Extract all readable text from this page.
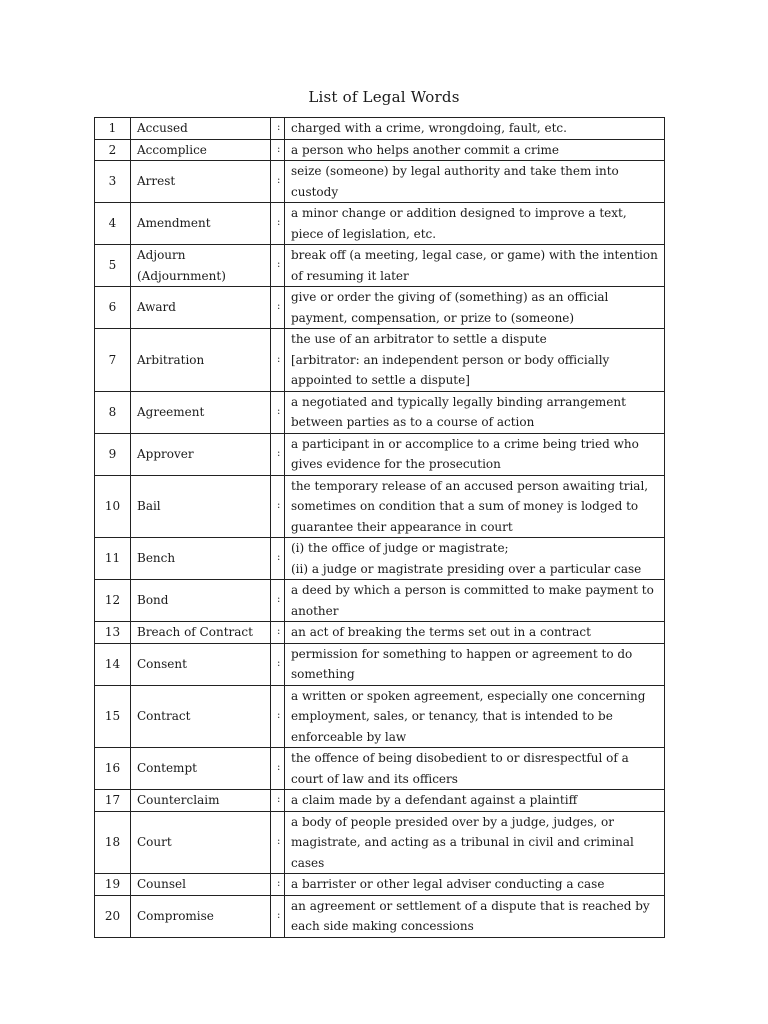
List of Legal Words
1	Accused	:	charged with a crime, wrongdoing, fault, etc.

2	Accomplice	:	a person who helps another commit a crime

3	Arrest	:	seize (someone) by legal authority and take them into
custody

4	Amendment	:	a minor change or addition designed to improve a text,
piece of legislation, etc.

5	Adjourn
(Adjournment)	:	break off (a meeting, legal case, or game) with the intention
of resuming it later

6	Award	:	give or order the giving of (something) as an official
payment, compensation, or prize to (someone)

7	Arbitration	:	the use of an arbitrator to settle a dispute
[arbitrator: an independent person or body officially
appointed to settle a dispute]

8	Agreement	:	a negotiated and typically legally binding arrangement
between parties as to a course of action

9	Approver	:	a participant in or accomplice to a crime being tried who
gives evidence for the prosecution

10	Bail	:	the temporary release of an accused person awaiting trial,
sometimes on condition that a sum of money is lodged to
guarantee their appearance in court

11	Bench	:	(i) the office of judge or magistrate;
(ii) a judge or magistrate presiding over a particular case

12	Bond	:	a deed by which a person is committed to make payment to
another

13	Breach of Contract	:	an act of breaking the terms set out in a contract

14	Consent	:	permission for something to happen or agreement to do
something

15	Contract	:	a written or spoken agreement, especially one concerning
employment, sales, or tenancy, that is intended to be
enforceable by law

16	Contempt	:	the offence of being disobedient to or disrespectful of a
court of law and its officers

17	Counterclaim	:	a claim made by a defendant against a plaintiff

18	Court	:	a body of people presided over by a judge, judges, or
magistrate, and acting as a tribunal in civil and criminal
cases

19	Counsel	:	a barrister or other legal adviser conducting a case

20	Compromise	:	an agreement or settlement of a dispute that is reached by
each side making concessions
